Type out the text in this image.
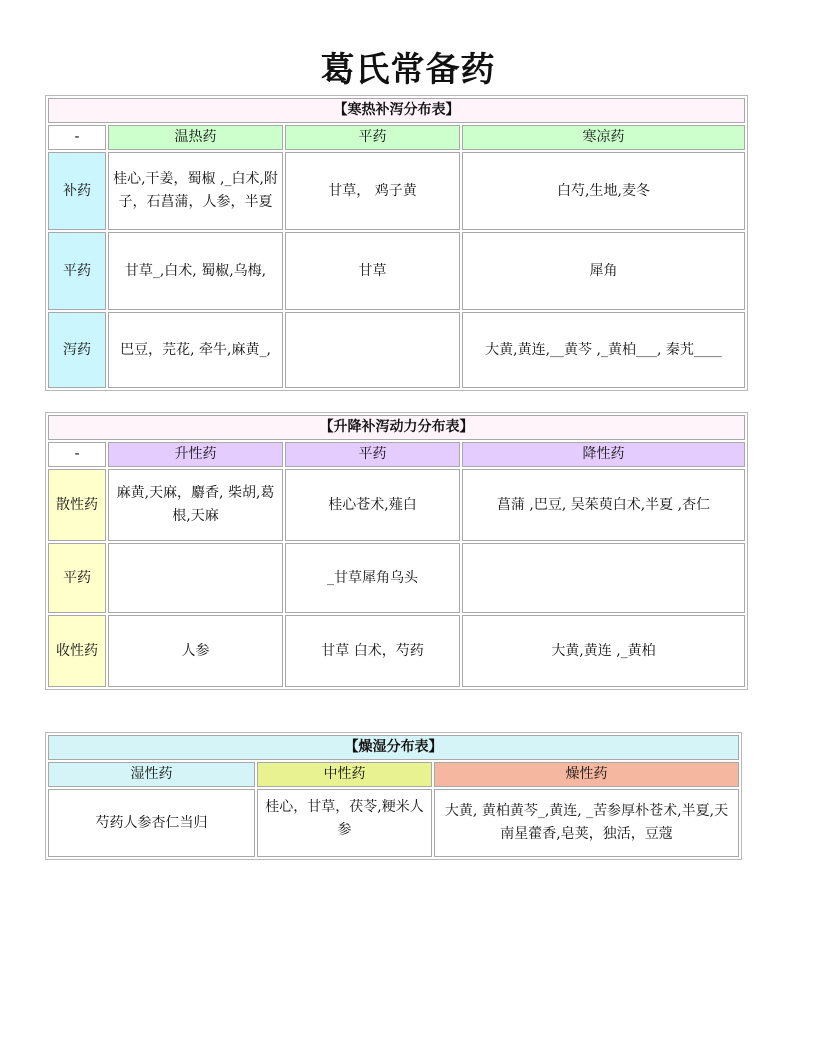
葛氏常备药
【寒热补泻分布表】			
-	温热药	平药	寒凉药
补药	桂心,干姜，蜀椒 ,_白术,附子，石菖蒲，人参，半夏	甘草， 鸡子黄	白芍,生地,麦冬
平药	甘草_,白术, 蜀椒,乌梅,	甘草	犀角
泻药	巴豆，芫花, 牵牛,麻黄_,		大黄,黄连,__黄芩 ,_黄柏___, 秦艽____
【升降补泻动力分布表】			
-	升性药	平药	降性药
散性药	麻黄,天麻，麝香, 柴胡,葛根,天麻	桂心苍术,薤白	菖蒲 ,巴豆, 吴茱萸白术,半夏 ,杏仁
平药		_甘草犀角乌头	
收性药	人参	甘草 白术，芍药	大黄,黄连 ,_黄柏
【燥湿分布表】		
湿性药	中性药	燥性药
芍药人参杏仁当归	桂心，甘草，茯苓,粳米人参	大黄, 黄柏黄芩_,黄连, _苦参厚朴苍术,半夏,天南星藿香,皂荚，独活，豆蔻
